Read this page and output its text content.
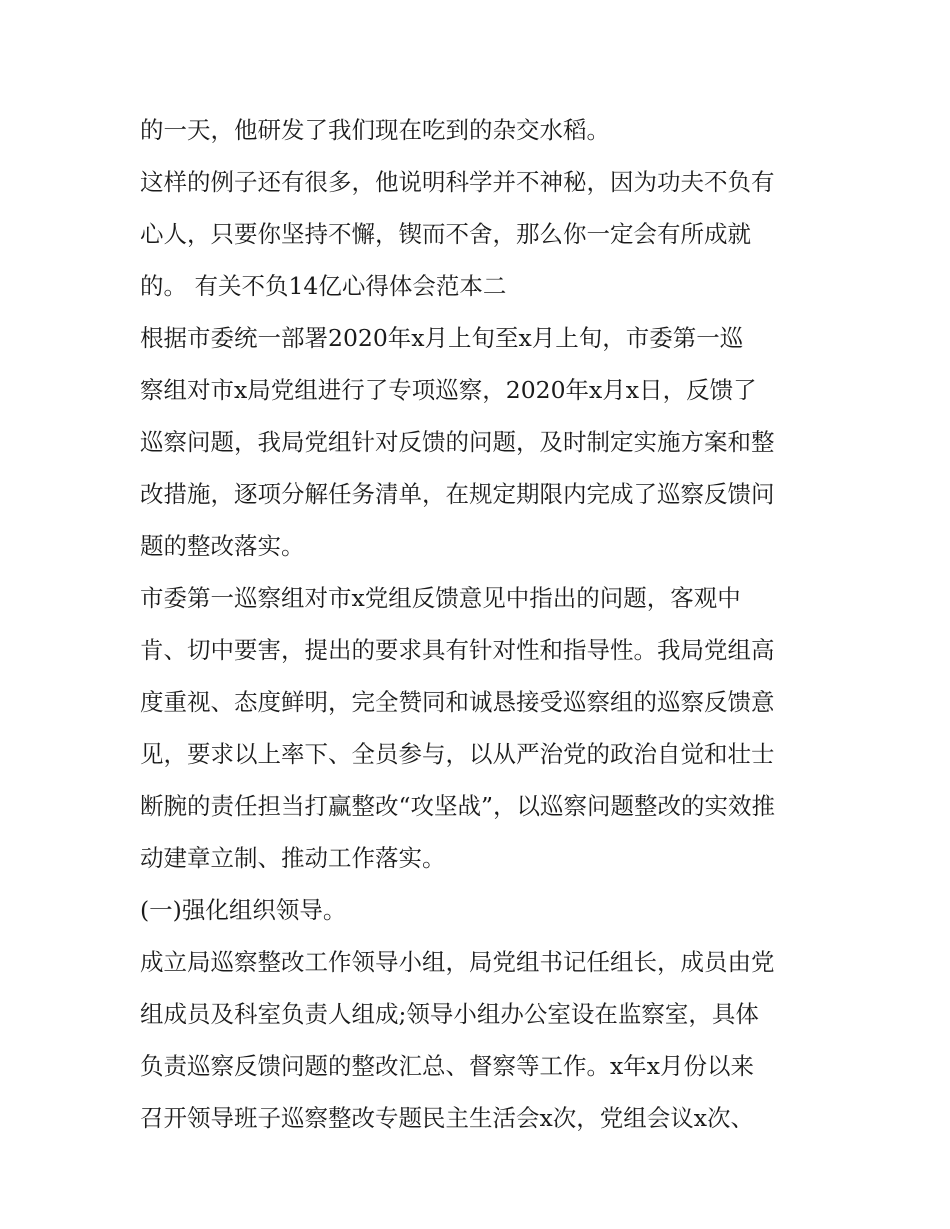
的一天，他研发了我们现在吃到的杂交水稻。
这样的例子还有很多，他说明科学并不神秘，因为功夫不负有
心人，只要你坚持不懈，锲而不舍，那么你一定会有所成就
的。 有关不负14亿心得体会范本二
根据市委统一部署2020年x月上旬至x月上旬，市委第一巡
察组对市x局党组进行了专项巡察，2020年x月x日，反馈了
巡察问题，我局党组针对反馈的问题，及时制定实施方案和整
改措施，逐项分解任务清单，在规定期限内完成了巡察反馈问
题的整改落实。
市委第一巡察组对市x党组反馈意见中指出的问题，客观中
肯、切中要害，提出的要求具有针对性和指导性。我局党组高
度重视、态度鲜明，完全赞同和诚恳接受巡察组的巡察反馈意
见，要求以上率下、全员参与，以从严治党的政治自觉和壮士
断腕的责任担当打赢整改“攻坚战”，以巡察问题整改的实效推
动建章立制、推动工作落实。
(一)强化组织领导。
成立局巡察整改工作领导小组，局党组书记任组长，成员由党
组成员及科室负责人组成;领导小组办公室设在监察室，具体
负责巡察反馈问题的整改汇总、督察等工作。x年x月份以来
召开领导班子巡察整改专题民主生活会x次，党组会议x次、
